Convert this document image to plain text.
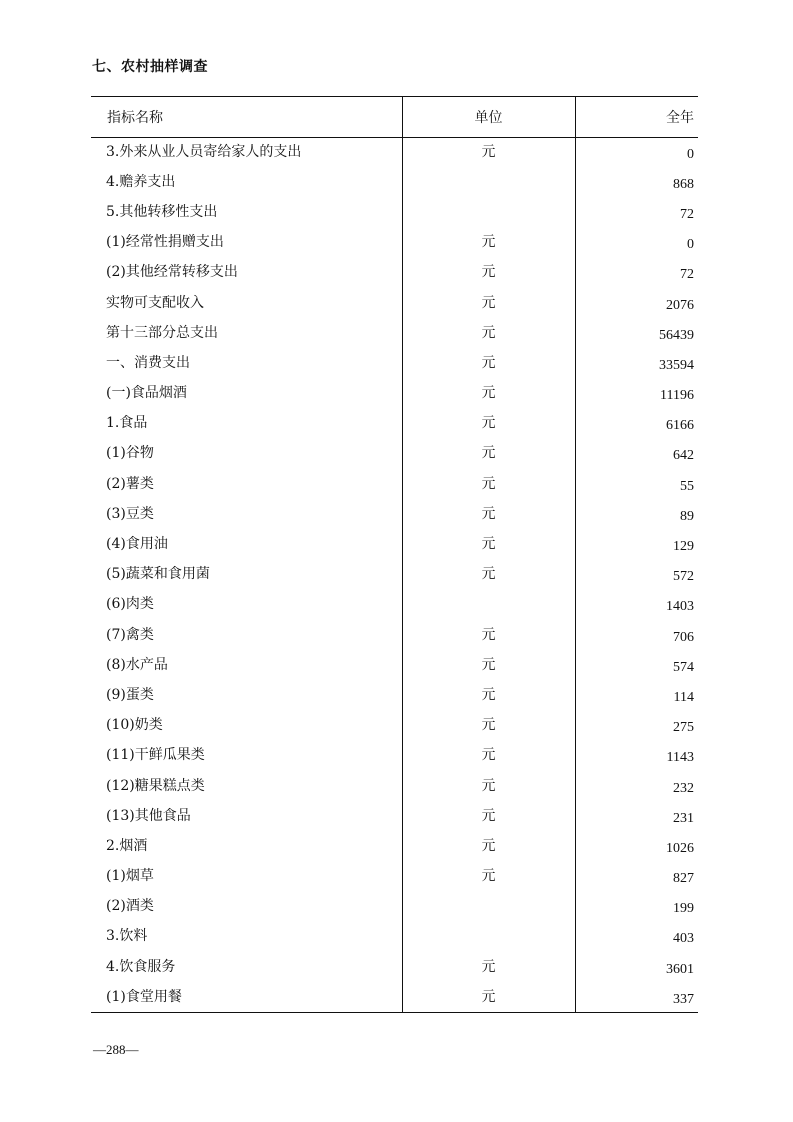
七、农村抽样调查
指标名称	单位	全年
3.外来从业人员寄给家人的支出	元	0
4.赡养支出		868
5.其他转移性支出		72
(1)经常性捐赠支出	元	0
(2)其他经常转移支出	元	72
实物可支配收入	元	2076
第十三部分总支出	元	56439
一、消费支出	元	33594
(一)食品烟酒	元	11196
1.食品	元	6166
(1)谷物	元	642
(2)薯类	元	55
(3)豆类	元	89
(4)食用油	元	129
(5)蔬菜和食用菌	元	572
(6)肉类		1403
(7)禽类	元	706
(8)水产品	元	574
(9)蛋类	元	114
(10)奶类	元	275
(11)干鲜瓜果类	元	1143
(12)糖果糕点类	元	232
(13)其他食品	元	231
2.烟酒	元	1026
(1)烟草	元	827
(2)酒类		199
3.饮料		403
4.饮食服务	元	3601
(1)食堂用餐	元	337
—288—
